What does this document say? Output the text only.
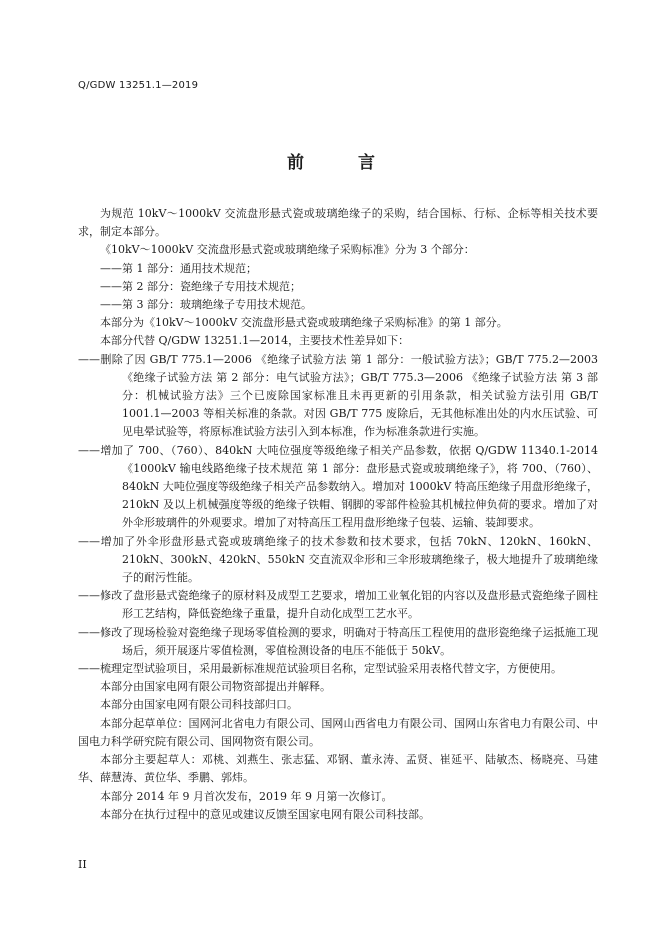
Q/GDW 13251.1—2019
前 言

为规范 10kV～1000kV 交流盘形悬式瓷或玻璃绝缘子的采购，结合国标、行标、企标等相关技术要求，制定本部分。

《10kV～1000kV 交流盘形悬式瓷或玻璃绝缘子采购标准》分为 3 个部分：

——第 1 部分：通用技术规范；

——第 2 部分：瓷绝缘子专用技术规范；

——第 3 部分：玻璃绝缘子专用技术规范。

本部分为《10kV～1000kV 交流盘形悬式瓷或玻璃绝缘子采购标准》的第 1 部分。

本部分代替 Q/GDW 13251.1—2014，主要技术性差异如下：

——删除了因 GB/T 775.1—2006 《绝缘子试验方法 第 1 部分：一般试验方法》；GB/T 775.2—2003 《绝缘子试验方法 第 2 部分：电气试验方法》；GB/T 775.3—2006 《绝缘子试验方法 第 3 部分：机械试验方法》三个已废除国家标准且未再更新的引用条款，相关试验方法引用 GB/T 1001.1—2003 等相关标准的条款。对因 GB/T 775 废除后，无其他标准出处的内水压试验、可见电晕试验等，将原标准试验方法引入到本标准，作为标准条款进行实施。

——增加了 700、（760）、840kN 大吨位强度等级绝缘子相关产品参数，依据 Q/GDW 11340.1-2014《1000kV 输电线路绝缘子技术规范 第 1 部分：盘形悬式瓷或玻璃绝缘子》，将 700、（760）、840kN 大吨位强度等级绝缘子相关产品参数纳入。增加对 1000kV 特高压绝缘子用盘形绝缘子，210kN 及以上机械强度等级的绝缘子铁帽、钢脚的零部件检验其机械拉伸负荷的要求。增加了对外伞形玻璃件的外观要求。增加了对特高压工程用盘形绝缘子包装、运输、装卸要求。

——增加了外伞形盘形悬式瓷或玻璃绝缘子的技术参数和技术要求，包括 70kN、120kN、160kN、210kN、300kN、420kN、550kN 交直流双伞形和三伞形玻璃绝缘子，极大地提升了玻璃绝缘子的耐污性能。

——修改了盘形悬式瓷绝缘子的原材料及成型工艺要求，增加工业氧化铝的内容以及盘形悬式瓷绝缘子圆柱形工艺结构，降低瓷绝缘子重量，提升自动化成型工艺水平。

——修改了现场检验对瓷绝缘子现场零值检测的要求，明确对于特高压工程使用的盘形瓷绝缘子运抵施工现场后，须开展逐片零值检测，零值检测设备的电压不能低于 50kV。

——梳理定型试验项目，采用最新标准规范试验项目名称，定型试验采用表格代替文字，方便使用。

本部分由国家电网有限公司物资部提出并解释。

本部分由国家电网有限公司科技部归口。

本部分起草单位：国网河北省电力有限公司、国网山西省电力有限公司、国网山东省电力有限公司、中国电力科学研究院有限公司、国网物资有限公司。

本部分主要起草人：邓桃、刘燕生、张志猛、邓钢、董永涛、孟贤、崔延平、陆敏杰、杨晓亮、马建华、薛慧涛、黄位华、季鹏、郭炜。

本部分 2014 年 9 月首次发布，2019 年 9 月第一次修订。

本部分在执行过程中的意见或建议反馈至国家电网有限公司科技部。

II
